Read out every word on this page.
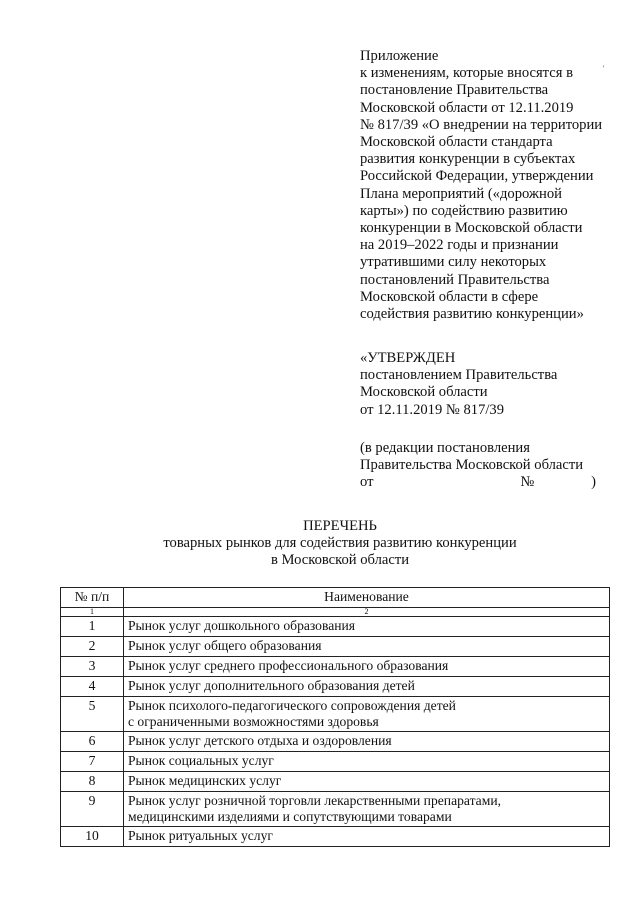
'
Приложение
к изменениям, которые вносятся в
постановление Правительства
Московской области от 12.11.2019
№ 817/39 «О внедрении на территории
Московской области стандарта
развития конкуренции в субъектах
Российской Федерации, утверждении
Плана мероприятий («дорожной
карты») по содействию развитию
конкуренции в Московской области
на 2019–2022 годы и признании
утратившими силу некоторых
постановлений Правительства
Московской области в сфере
содействия развитию конкуренции»
«УТВЕРЖДЕН
постановлением Правительства
Московской области
от 12.11.2019 № 817/39
(в редакции постановления
Правительства Московской области
от	№	)
ПЕРЕЧЕНЬ
товарных рынков для содействия развитию конкуренции
в Московской области
№ п/п	Наименование
1	2
1	Рынок услуг дошкольного образования

2	Рынок услуг общего образования

3	Рынок услуг среднего профессионального образования

4	Рынок услуг дополнительного образования детей

5	Рынок психолого-педагогического сопровождения детей
с ограниченными возможностями здоровья

6	Рынок услуг детского отдыха и оздоровления

7	Рынок социальных услуг

8	Рынок медицинских услуг

9	Рынок услуг розничной торговли лекарственными препаратами,
медицинскими изделиями и сопутствующими товарами

10	Рынок ритуальных услуг
